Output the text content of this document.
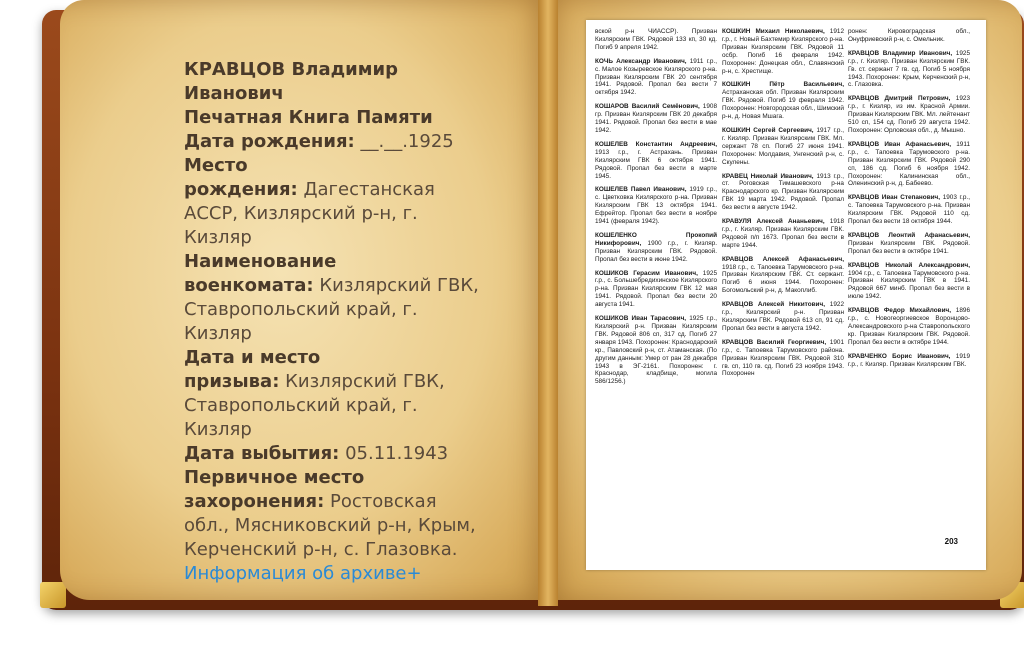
КРАВЦОВ Владимир
Иванович
Печатная Книга Памяти
Дата рождения: __.__.1925
Место
рождения: Дагестанская АССР, Кизлярский р-н, г. Кизляр
Наименование
военкомата: Кизлярский ГВК, Ставропольский край, г. Кизляр
Дата и место
призыва: Кизлярский ГВК, Ставропольский край, г. Кизляр
Дата выбытия: 05.11.1943
Первичное место
захоронения: Ростовская обл., Мясниковский р-н, Крым, Керченский р-н, с. Глазовка.
Информация об архиве+

вской р-н ЧИАССР). Призван Кизлярским ГВК. Рядовой 133 кп, 30 кд. Погиб 9 апреля 1942.

КОЧЬ Александр Иванович, 1911 г.р., с. Малое Козыревское Кизлярского р-на. Призван Кизлярским ГВК 20 сентября 1941. Рядовой. Пропал без вести 7 октября 1942.

КОШАРОВ Василий Семёнович, 1908 гр. Призван Кизлярским ГВК 20 декабря 1941. Рядовой. Пропал без вести в мае 1942.

КОШЕЛЕВ Константин Андреевич, 1913 г.р., г. Астрахань. Призван Кизлярским ГВК 6 октября 1941. Рядовой. Пропал без вести в марте 1945.

КОШЕЛЕВ Павел Иванович, 1919 г.р., с. Цветковка Кизлярского р-на. Призван Кизлярским ГВК 13 октября 1941. Ефрейтор. Пропал без вести в ноябре 1941 (февраля 1942).

КОШЕЛЕНКО Прокопий Никифорович, 1900 г.р., г. Кизляр. Призван Кизлярским ГВК. Рядовой. Пропал без вести в июне 1942.

КОШИКОВ Герасим Иванович, 1925 г.р., с. Большебредихинское Кизлярского р-на. Призван Кизлярским ГВК 12 мая 1941. Рядовой. Пропал без вести 20 августа 1941.

КОШИКОВ Иван Тарасович, 1925 г.р., Кизлярский р-н. Призван Кизлярским ГВК. Рядовой 806 сп, 317 сд. Погиб 27 января 1943. Похоронен: Краснодарский кр., Павловский р-н, ст. Атаманская. (По другим данным: Умер от ран 28 декабря 1943 в ЭГ-2161. Похоронен: г. Краснодар, кладбище, могила 586/1256.)

КОШКИН Михаил Николаевич, 1912 г.р., г. Новый Бахтемир Кизлярского р-на. Призван Кизлярским ГВК. Рядовой 11 осбр. Погиб 16 февраля 1942. Похоронен: Донецкая обл., Славянский р-н, с. Хрестище.

КОШКИН Пётр Васильевич, Астраханская обл. Призван Кизлярским ГВК. Рядовой. Погиб 19 февраля 1942. Похоронен: Новгородская обл., Шимский р-н, д. Новая Мшага.

КОШКИН Сергей Сергеевич, 1917 г.р., г. Кизляр. Призван Кизлярским ГВК. Мл. сержант 78 сп. Погиб 27 июня 1941. Похоронен: Молдавия, Унгенский р-н, с. Скулены.

КРАВЕЦ Николай Иванович, 1913 г.р., ст. Роговская Тимашевского р-на Краснодарского кр. Призван Кизлярским ГВК 19 марта 1942. Рядовой. Пропал без вести в августе 1942.

КРАВУЛЯ Алексей Ананьевич, 1918 г.р., г. Кизляр. Призван Кизлярским ГВК. Рядовой п/п 1673. Пропал без вести в марте 1944.

КРАВЦОВ Алексей Афанасьевич, 1918 г.р., с. Тапоевка Тарумовского р-на. Призван Кизлярским ГВК. Ст. сержант. Погиб 6 июня 1944. Похоронен: Богомольский р-н, д. Макоплиб.

КРАВЦОВ Алексей Никитович, 1922 г.р., Кизлярский р-н. Призван Кизлярским ГВК. Рядовой 613 сп, 91 сд. Пропал без вести в августа 1942.

КРАВЦОВ Василий Георгиевич, 1901 г.р., с. Тапоевка Тарумовского района. Призван Кизлярским ГВК. Рядовой 310 гв. сп, 110 гв. сд. Погиб 23 ноября 1943. Похоронен

ронен: Кировоградская обл., Онуфриевский р-н, с. Омельник.

КРАВЦОВ Владимир Иванович, 1925 г.р., г. Кизляр. Призван Кизлярским ГВК. Гв. ст. сержант 7 гв. сд. Погиб 5 ноября 1943. Похоронен: Крым, Керченский р-н, с. Глазовка.

КРАВЦОВ Дмитрий Петрович, 1923 г.р., г. Кизляр, из им. Красной Армии. Призван Кизлярским ГВК. Мл. лейтенант 510 сп, 154 сд. Погиб 29 августа 1942. Похоронен: Орловская обл., д. Мышно.

КРАВЦОВ Иван Афанасьевич, 1911 г.р., с. Тапоевка Тарумовского р-на. Призван Кизлярским ГВК. Рядовой 290 сп, 186 сд. Погиб 6 ноября 1942. Похоронен: Калининская обл., Оленинский р-н, д. Бабеево.

КРАВЦОВ Иван Степанович, 1903 г.р., с. Тапоевка Тарумовского р-на. Призван Кизлярским ГВК. Рядовой 110 сд. Пропал без вести 18 октября 1944.

КРАВЦОВ Леонтий Афанасьевич, Призван Кизлярским ГВК. Рядовой. Пропал без вести в октябре 1941.

КРАВЦОВ Николай Александрович, 1904 г.р., с. Тапоевка Тарумовского р-на. Призван Кизлярским ГВК в 1941. Рядовой 667 минб. Пропал без вести в июле 1942.

КРАВЦОВ Федор Михайлович, 1896 г.р., с. Новогеоргиевское Воронцово-Александровского р-на Ставропольского кр. Призван Кизлярским ГВК. Рядовой. Пропал без вести в октябре 1944.

КРАВЧЕНКО Борис Иванович, 1919 г.р., г. Кизляр. Призван Кизлярским ГВК.

203
